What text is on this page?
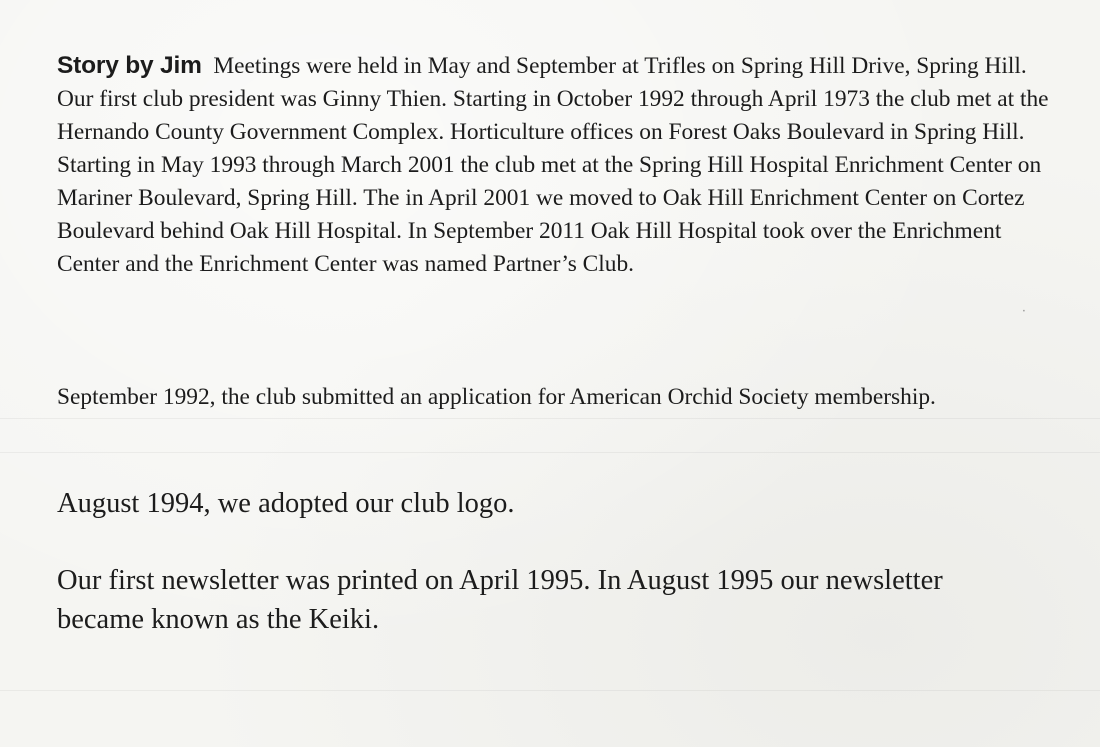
Story by Jim Meetings were held in May and September at Trifles on Spring Hill Drive, Spring Hill. Our first club president was Ginny Thien. Starting in October 1992 through April 1973 the club met at the Hernando County Government Complex. Horticulture offices on Forest Oaks Boulevard in Spring Hill. Starting in May 1993 through March 2001 the club met at the Spring Hill Hospital Enrichment Center on Mariner Boulevard, Spring Hill. The in April 2001 we moved to Oak Hill Enrichment Center on Cortez Boulevard behind Oak Hill Hospital. In September 2011 Oak Hill Hospital took over the Enrichment Center and the Enrichment Center was named Partner’s Club.

September 1992, the club submitted an application for American Orchid Society membership.

August 1994, we adopted our club logo.

Our first newsletter was printed on April 1995. In August 1995 our newsletter became known as the Keiki.

‧
